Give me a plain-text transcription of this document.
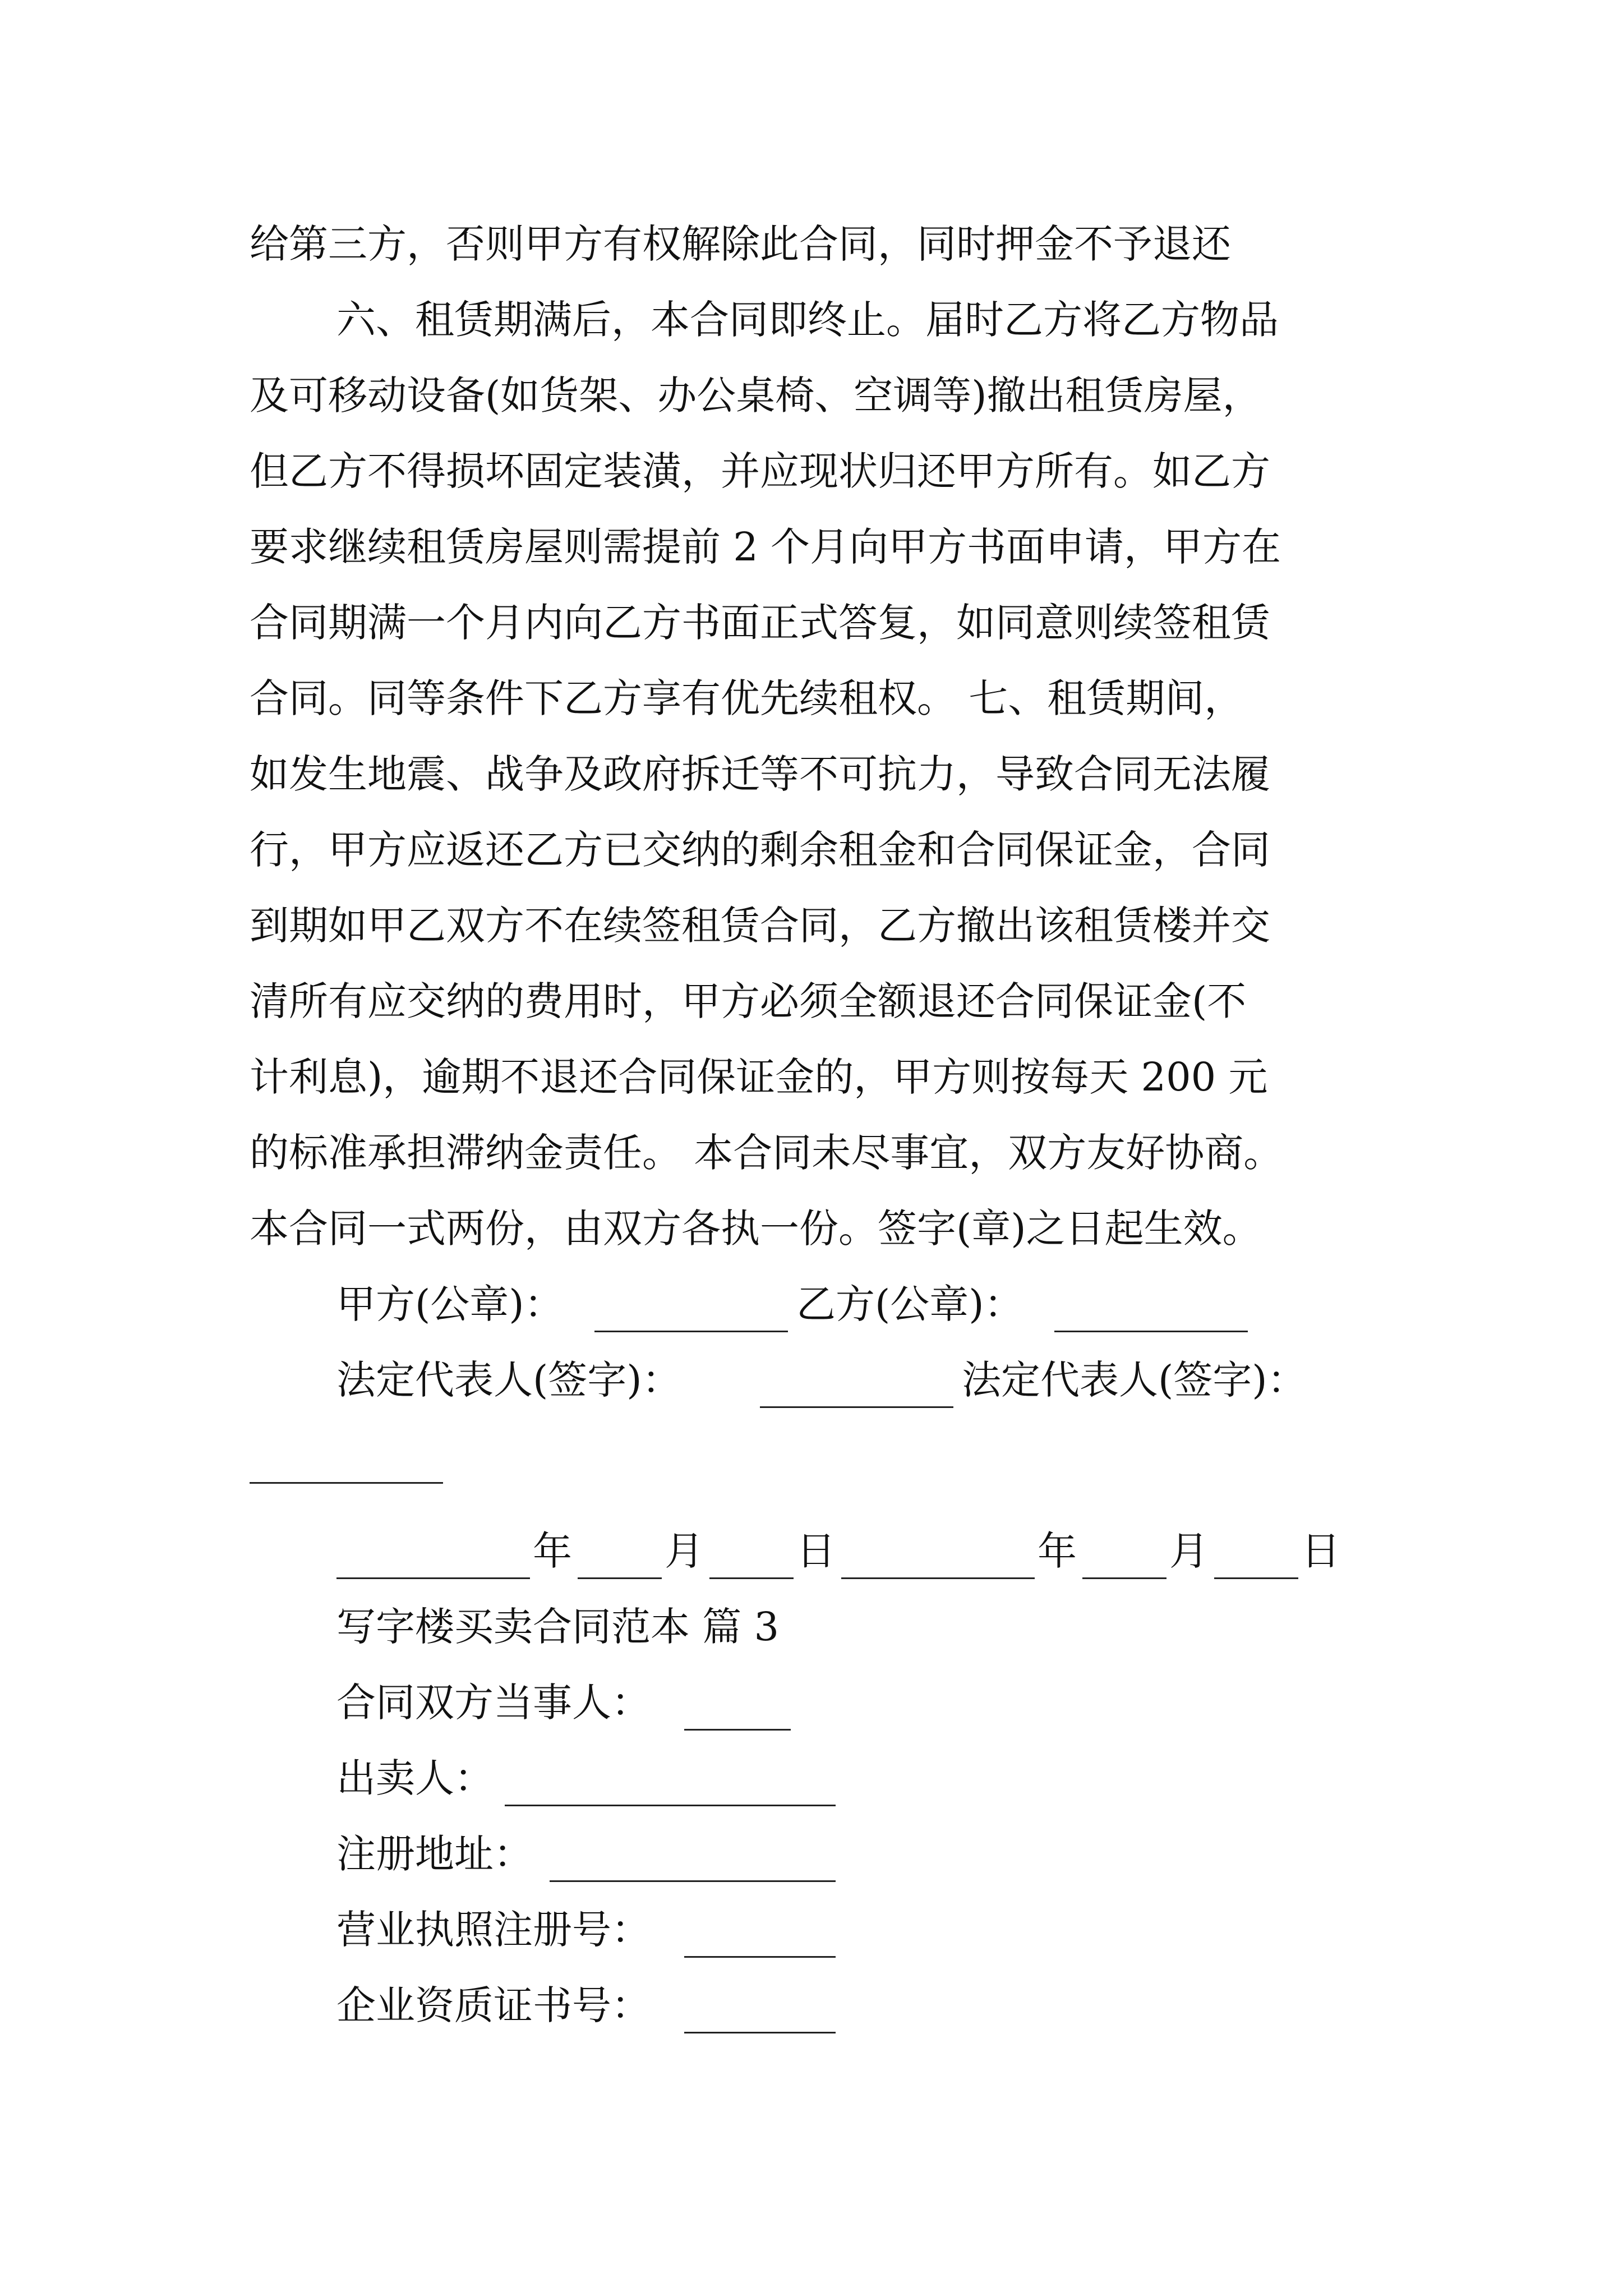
给第三方，否则甲方有权解除此合同，同时押金不予退还
六、租赁期满后，本合同即终止。届时乙方将乙方物品
及可移动设备(如货架、办公桌椅、空调等)撤出租赁房屋，
但乙方不得损坏固定装潢，并应现状归还甲方所有。如乙方
要求继续租赁房屋则需提前 2 个月向甲方书面申请，甲方在
合同期满一个月内向乙方书面正式答复，如同意则续签租赁
合同。同等条件下乙方享有优先续租权。 七、租赁期间，
如发生地震、战争及政府拆迁等不可抗力，导致合同无法履
行，甲方应返还乙方已交纳的剩余租金和合同保证金，合同
到期如甲乙双方不在续签租赁合同，乙方撤出该租赁楼并交
清所有应交纳的费用时，甲方必须全额退还合同保证金(不
计利息)，逾期不退还合同保证金的，甲方则按每天 200 元
的标准承担滞纳金责任。 本合同未尽事宜，双方友好协商。
本合同一式两份，由双方各执一份。签字(章)之日起生效。
甲方(公章)：	乙方(公章)：
法定代表人(签字)：	法定代表人(签字)：
年 月 日	年 月 日
写字楼买卖合同范本 篇 3
合同双方当事人：
出卖人：
注册地址：
营业执照注册号：
企业资质证书号：
